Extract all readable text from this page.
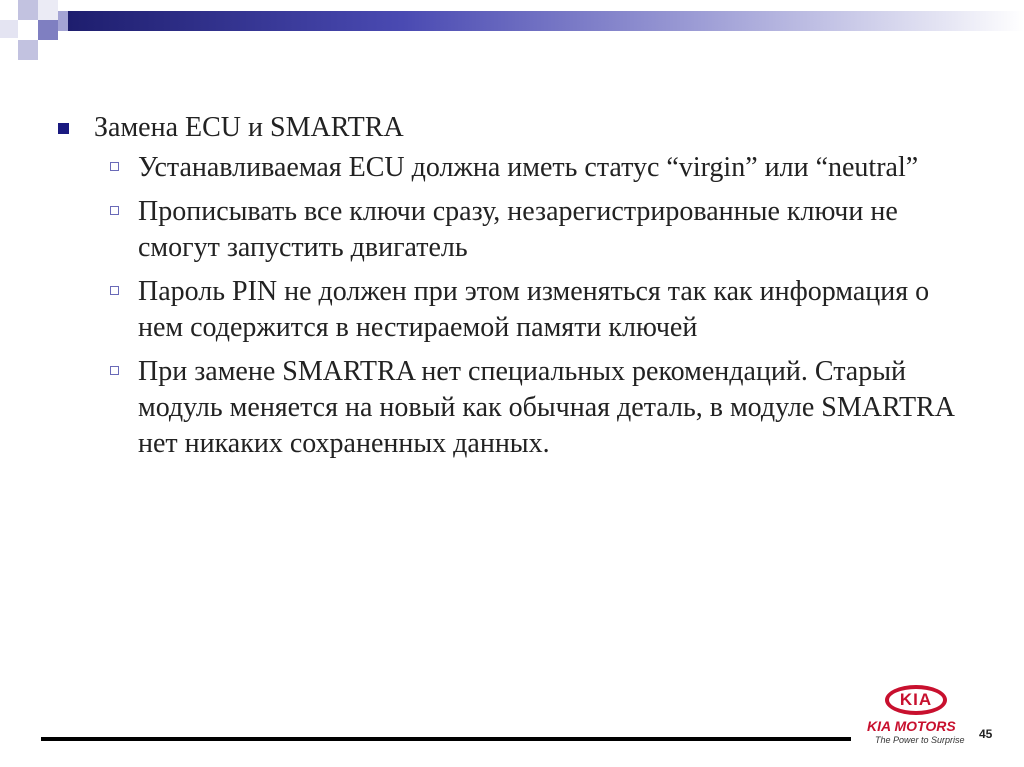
Замена ECU и SMARTRA
Устанавливаемая ECU должна иметь статус “virgin” или “neutral”
Прописывать все ключи сразу, незарегистрированные ключи не смогут запустить двигатель
Пароль PIN не должен при этом изменяться так как информация о нем содержится в нестираемой памяти ключей
При замене SMARTRA нет специальных рекомендаций. Старый модуль меняется на новый как обычная деталь, в модуле SMARTRA нет никаких сохраненных данных.
KIA
KIA MOTORS
The Power to Surprise	45
